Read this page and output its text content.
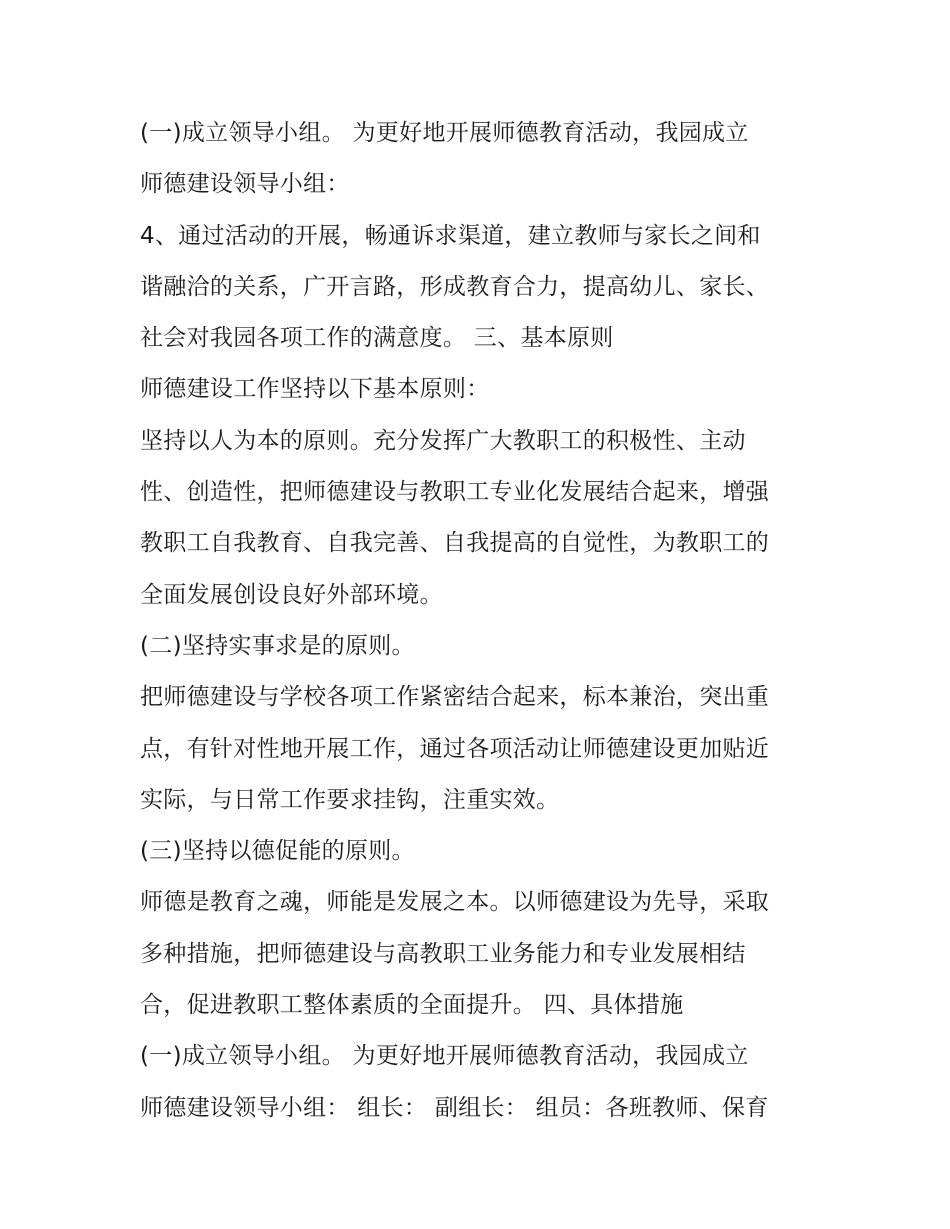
(一)成立领导小组。 为更好地开展师德教育活动，我园成立
师德建设领导小组：
4、通过活动的开展，畅通诉求渠道，建立教师与家长之间和
谐融洽的关系，广开言路，形成教育合力，提高幼儿、家长、
社会对我园各项工作的满意度。 三、基本原则
师德建设工作坚持以下基本原则：
坚持以人为本的原则。充分发挥广大教职工的积极性、主动
性、创造性，把师德建设与教职工专业化发展结合起来，增强
教职工自我教育、自我完善、自我提高的自觉性，为教职工的
全面发展创设良好外部环境。
(二)坚持实事求是的原则。
把师德建设与学校各项工作紧密结合起来，标本兼治，突出重
点，有针对性地开展工作，通过各项活动让师德建设更加贴近
实际，与日常工作要求挂钩，注重实效。
(三)坚持以德促能的原则。
师德是教育之魂，师能是发展之本。以师德建设为先导，采取
多种措施，把师德建设与高教职工业务能力和专业发展相结
合，促进教职工整体素质的全面提升。 四、具体措施
(一)成立领导小组。 为更好地开展师德教育活动，我园成立
师德建设领导小组： 组长： 副组长： 组员：各班教师、保育
